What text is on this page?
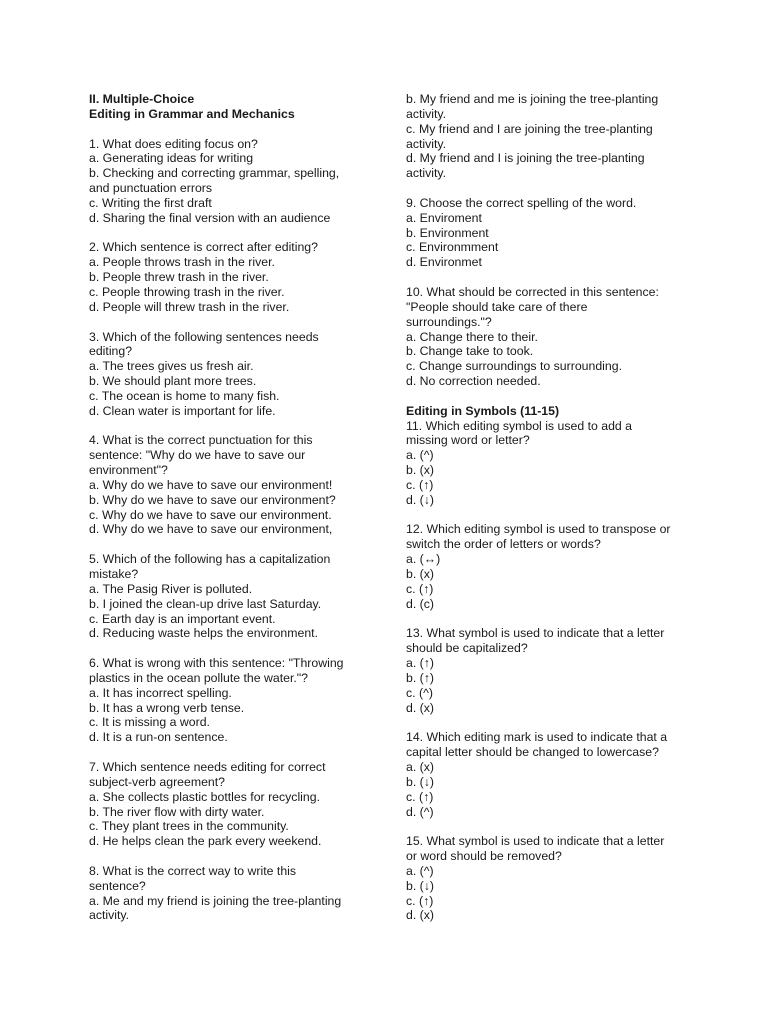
II. Multiple-Choice
Editing in Grammar and Mechanics
1. What does editing focus on?
a. Generating ideas for writing
b. Checking and correcting grammar, spelling,
and punctuation errors
c. Writing the first draft
d. Sharing the final version with an audience
2. Which sentence is correct after editing?
a. People throws trash in the river.
b. People threw trash in the river.
c. People throwing trash in the river.
d. People will threw trash in the river.
3. Which of the following sentences needs
editing?
a. The trees gives us fresh air.
b. We should plant more trees.
c. The ocean is home to many fish.
d. Clean water is important for life.
4. What is the correct punctuation for this
sentence: "Why do we have to save our
environment"?
a. Why do we have to save our environment!
b. Why do we have to save our environment?
c. Why do we have to save our environment.
d. Why do we have to save our environment,
5. Which of the following has a capitalization
mistake?
a. The Pasig River is polluted.
b. I joined the clean-up drive last Saturday.
c. Earth day is an important event.
d. Reducing waste helps the environment.
6. What is wrong with this sentence: "Throwing
plastics in the ocean pollute the water."?
a. It has incorrect spelling.
b. It has a wrong verb tense.
c. It is missing a word.
d. It is a run-on sentence.
7. Which sentence needs editing for correct
subject-verb agreement?
a. She collects plastic bottles for recycling.
b. The river flow with dirty water.
c. They plant trees in the community.
d. He helps clean the park every weekend.
8. What is the correct way to write this
sentence?
a. Me and my friend is joining the tree-planting
activity.
b. My friend and me is joining the tree-planting
activity.
c. My friend and I are joining the tree-planting
activity.
d. My friend and I is joining the tree-planting
activity.
9. Choose the correct spelling of the word.
a. Enviroment
b. Environment
c. Environmment
d. Environmet
10. What should be corrected in this sentence:
"People should take care of there
surroundings."?
a. Change there to their.
b. Change take to took.
c. Change surroundings to surrounding.
d. No correction needed.
Editing in Symbols (11-15)
11. Which editing symbol is used to add a
missing word or letter?
a. (^)
b. (x)
c. (↑)
d. (↓)
12. Which editing symbol is used to transpose or
switch the order of letters or words?
a. (↔)
b. (x)
c. (↑)
d. (c)
13. What symbol is used to indicate that a letter
should be capitalized?
a. (↑)
b. (↑)
c. (^)
d. (x)
14. Which editing mark is used to indicate that a
capital letter should be changed to lowercase?
a. (x)
b. (↓)
c. (↑)
d. (^)
15. What symbol is used to indicate that a letter
or word should be removed?
a. (^)
b. (↓)
c. (↑)
d. (x)
